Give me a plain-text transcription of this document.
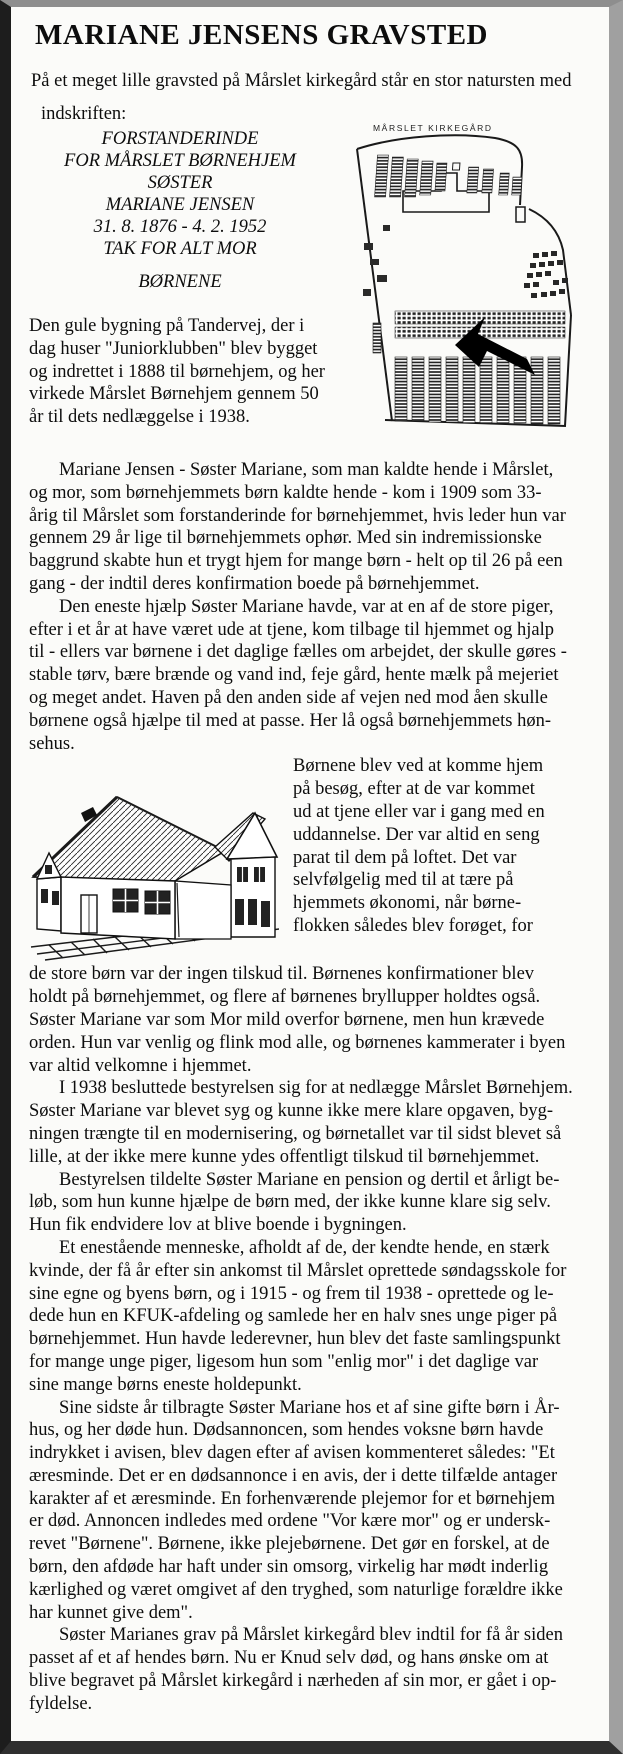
MARIANE JENSENS GRAVSTED

På et meget lille gravsted på Mårslet kirkegård står en stor natursten med

MÅRSLET KIRKEGÅRD
indskriften:
FORSTANDERINDE
FOR MÅRSLET BØRNEHJEM
SØSTER
MARIANE JENSEN
31. 8. 1876 - 4. 2. 1952
TAK FOR ALT MOR
BØRNENE
Den gule bygning på Tandervej, der i
dag huser "Juniorklubben" blev bygget
og indrettet i 1888 til børnehjem, og her
virkede Mårslet Børnehjem gennem 50
år til dets nedlæggelse i 1938.
Mariane Jensen - Søster Mariane, som man kaldte hende i Mårslet,
og mor, som børnehjemmets børn kaldte hende - kom i 1909 som 33-
årig til Mårslet som forstanderinde for børnehjemmet, hvis leder hun var
gennem 29 år lige til børnehjemmets ophør. Med sin indremissionske
baggrund skabte hun et trygt hjem for mange børn - helt op til 26 på een
gang - der indtil deres konfirmation boede på børnehjemmet.
Den eneste hjælp Søster Mariane havde, var at en af de store piger,
efter i et år at have været ude at tjene, kom tilbage til hjemmet og hjalp
til - ellers var børnene i det daglige fælles om arbejdet, der skulle gøres -
stable tørv, bære brænde og vand ind, feje gård, hente mælk på mejeriet
og meget andet. Haven på den anden side af vejen ned mod åen skulle
børnene også hjælpe til med at passe. Her lå også børnehjemmets høn-
sehus.
Børnene blev ved at komme hjem
på besøg, efter at de var kommet
ud at tjene eller var i gang med en
uddannelse. Der var altid en seng
parat til dem på loftet. Det var
selvfølgelig med til at tære på
hjemmets økonomi, når børne-
flokken således blev forøget, for
de store børn var der ingen tilskud til. Børnenes konfirmationer blev
holdt på børnehjemmet, og flere af børnenes bryllupper holdtes også.
Søster Mariane var som Mor mild overfor børnene, men hun krævede
orden. Hun var venlig og flink mod alle, og børnenes kammerater i byen
var altid velkomne i hjemmet.
I 1938 besluttede bestyrelsen sig for at nedlægge Mårslet Børnehjem.
Søster Mariane var blevet syg og kunne ikke mere klare opgaven, byg-
ningen trængte til en modernisering, og børnetallet var til sidst blevet så
lille, at der ikke mere kunne ydes offentligt tilskud til børnehjemmet.
Bestyrelsen tildelte Søster Mariane en pension og dertil et årligt be-
løb, som hun kunne hjælpe de børn med, der ikke kunne klare sig selv.
Hun fik endvidere lov at blive boende i bygningen.
Et enestående menneske, afholdt af de, der kendte hende, en stærk
kvinde, der få år efter sin ankomst til Mårslet oprettede søndagsskole for
sine egne og byens børn, og i 1915 - og frem til 1938 - oprettede og le-
dede hun en KFUK-afdeling og samlede her en halv snes unge piger på
børnehjemmet. Hun havde lederevner, hun blev det faste samlingspunkt
for mange unge piger, ligesom hun som "enlig mor" i det daglige var
sine mange børns eneste holdepunkt.
Sine sidste år tilbragte Søster Mariane hos et af sine gifte børn i År-
hus, og her døde hun. Dødsannoncen, som hendes voksne børn havde
indrykket i avisen, blev dagen efter af avisen kommenteret således: "Et
æresminde. Det er en dødsannonce i en avis, der i dette tilfælde antager
karakter af et æresminde. En forhenværende plejemor for et børnehjem
er død. Annoncen indledes med ordene "Vor kære mor" og er undersk-
revet "Børnene". Børnene, ikke plejebørnene. Det gør en forskel, at de
børn, den afdøde har haft under sin omsorg, virkelig har mødt inderlig
kærlighed og været omgivet af den tryghed, som naturlige forældre ikke
har kunnet give dem".
Søster Marianes grav på Mårslet kirkegård blev indtil for få år siden
passet af et af hendes børn. Nu er Knud selv død, og hans ønske om at
blive begravet på Mårslet kirkegård i nærheden af sin mor, er gået i op-
fyldelse.
